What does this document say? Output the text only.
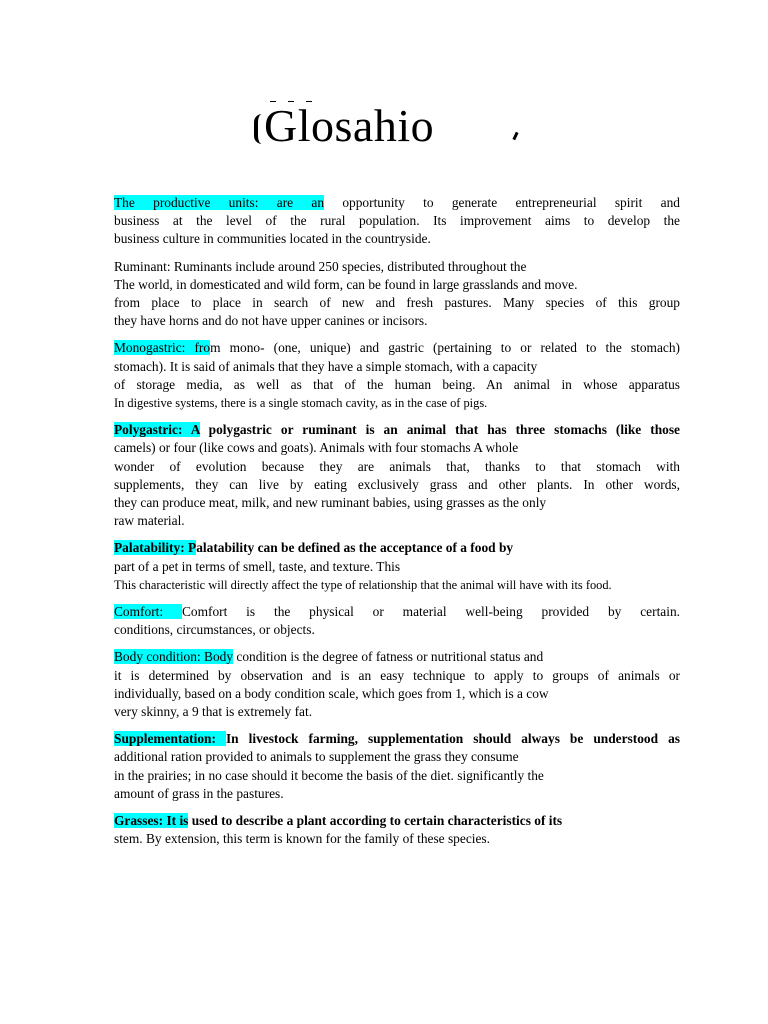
Glosahio

The productive units: are an opportunity to generate entrepreneurial spirit and
business at the level of the rural population. Its improvement aims to develop the
business culture in communities located in the countryside.

Ruminant: Ruminants include around 250 species, distributed throughout the
The world, in domesticated and wild form, can be found in large grasslands and move.
from place to place in search of new and fresh pastures. Many species of this group
they have horns and do not have upper canines or incisors.

Monogastric: from mono- (one, unique) and gastric (pertaining to or related to the stomach)
stomach). It is said of animals that they have a simple stomach, with a capacity
of storage media, as well as that of the human being. An animal in whose apparatus
In digestive systems, there is a single stomach cavity, as in the case of pigs.

Polygastric: A polygastric or ruminant is an animal that has three stomachs (like those
camels) or four (like cows and goats). Animals with four stomachs A whole
wonder of evolution because they are animals that, thanks to that stomach with
supplements, they can live by eating exclusively grass and other plants. In other words,
they can produce meat, milk, and new ruminant babies, using grasses as the only
raw material.

Palatability: Palatability can be defined as the acceptance of a food by
part of a pet in terms of smell, taste, and texture. This
This characteristic will directly affect the type of relationship that the animal will have with its food.

Comfort: Comfort is the physical or material well-being provided by certain.
conditions, circumstances, or objects.

Body condition: Body condition is the degree of fatness or nutritional status and
it is determined by observation and is an easy technique to apply to groups of animals or
individually, based on a body condition scale, which goes from 1, which is a cow
very skinny, a 9 that is extremely fat.

Supplementation: In livestock farming, supplementation should always be understood as
additional ration provided to animals to supplement the grass they consume
in the prairies; in no case should it become the basis of the diet. significantly the
amount of grass in the pastures.

Grasses: It is used to describe a plant according to certain characteristics of its
stem. By extension, this term is known for the family of these species.
